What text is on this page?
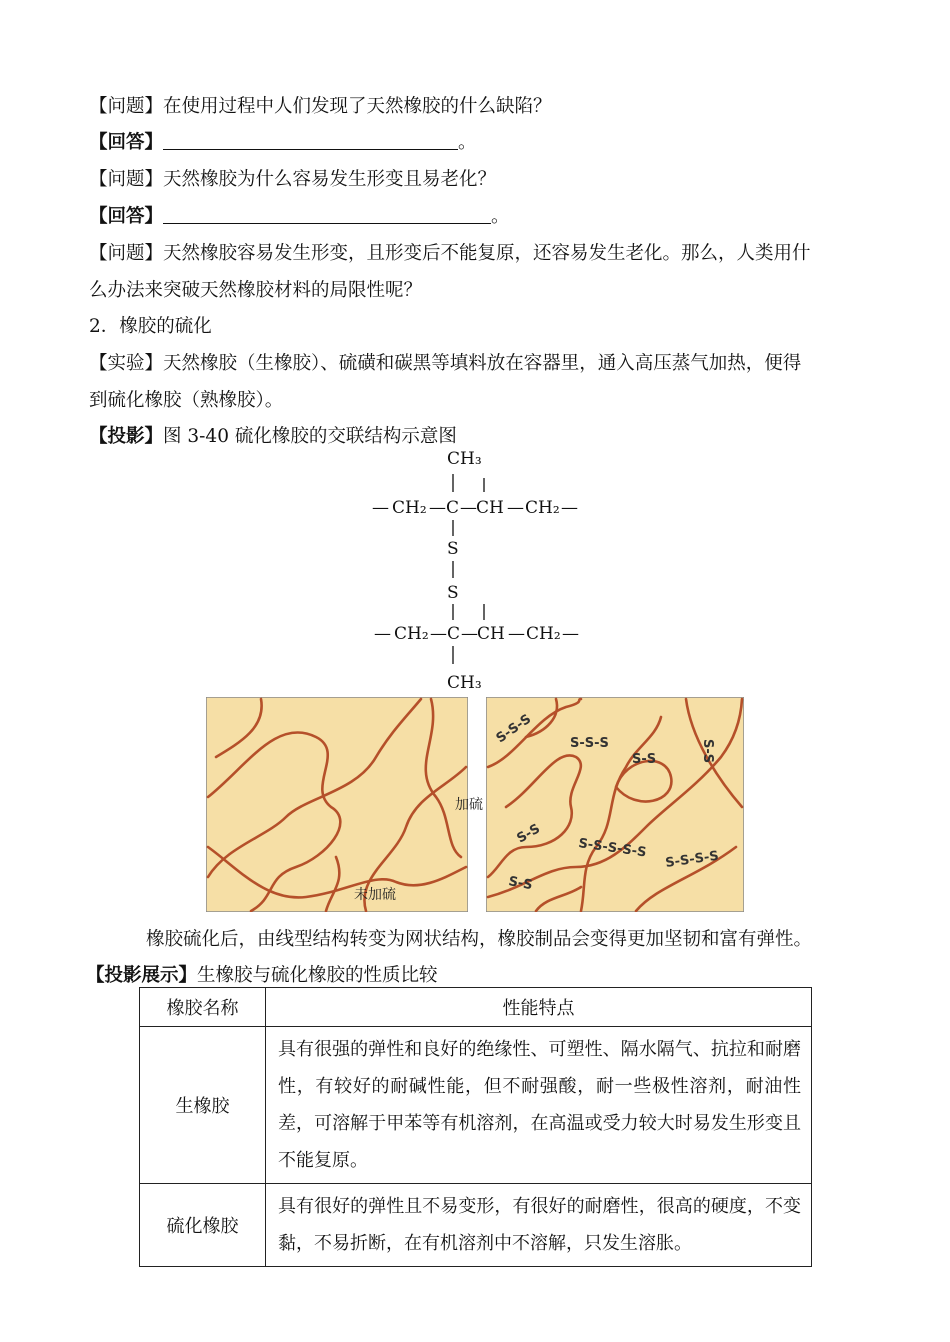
【问题】在使用过程中人们发现了天然橡胶的什么缺陷？
【回答】	。
【问题】天然橡胶为什么容易发生形变且易老化？
【回答】	。
【问题】天然橡胶容易发生形变，且形变后不能复原，还容易发生老化。那么，人类用什
么办法来突破天然橡胶材料的局限性呢？
2．橡胶的硫化
【实验】天然橡胶（生橡胶）、硫磺和碳黑等填料放在容器里，通入高压蒸气加热，便得
到硫化橡胶（熟橡胶）。
【投影】图 3-40 硫化橡胶的交联结构示意图
CH₃
— CH₂ — C — CH — CH₂ —
S
S
— CH₂ — C — CH — CH₂ —
CH₃
未加硫
加硫
S-S-S	S-S-S
S-S	S-S
S-S
S-S-S-S-S S-S-S-S
S-S
橡胶硫化后，由线型结构转变为网状结构，橡胶制品会变得更加坚韧和富有弹性。
【投影展示】生橡胶与硫化橡胶的性质比较
橡胶名称	性能特点
生橡胶	具有很强的弹性和良好的绝缘性、可塑性、隔水隔气、抗拉和耐磨性，有较好的耐碱性能，但不耐强酸，耐一些极性溶剂，耐油性差，可溶解于甲苯等有机溶剂，在高温或受力较大时易发生形变且不能复原。
硫化橡胶	具有很好的弹性且不易变形，有很好的耐磨性，很高的硬度，不变黏，不易折断，在有机溶剂中不溶解，只发生溶胀。
